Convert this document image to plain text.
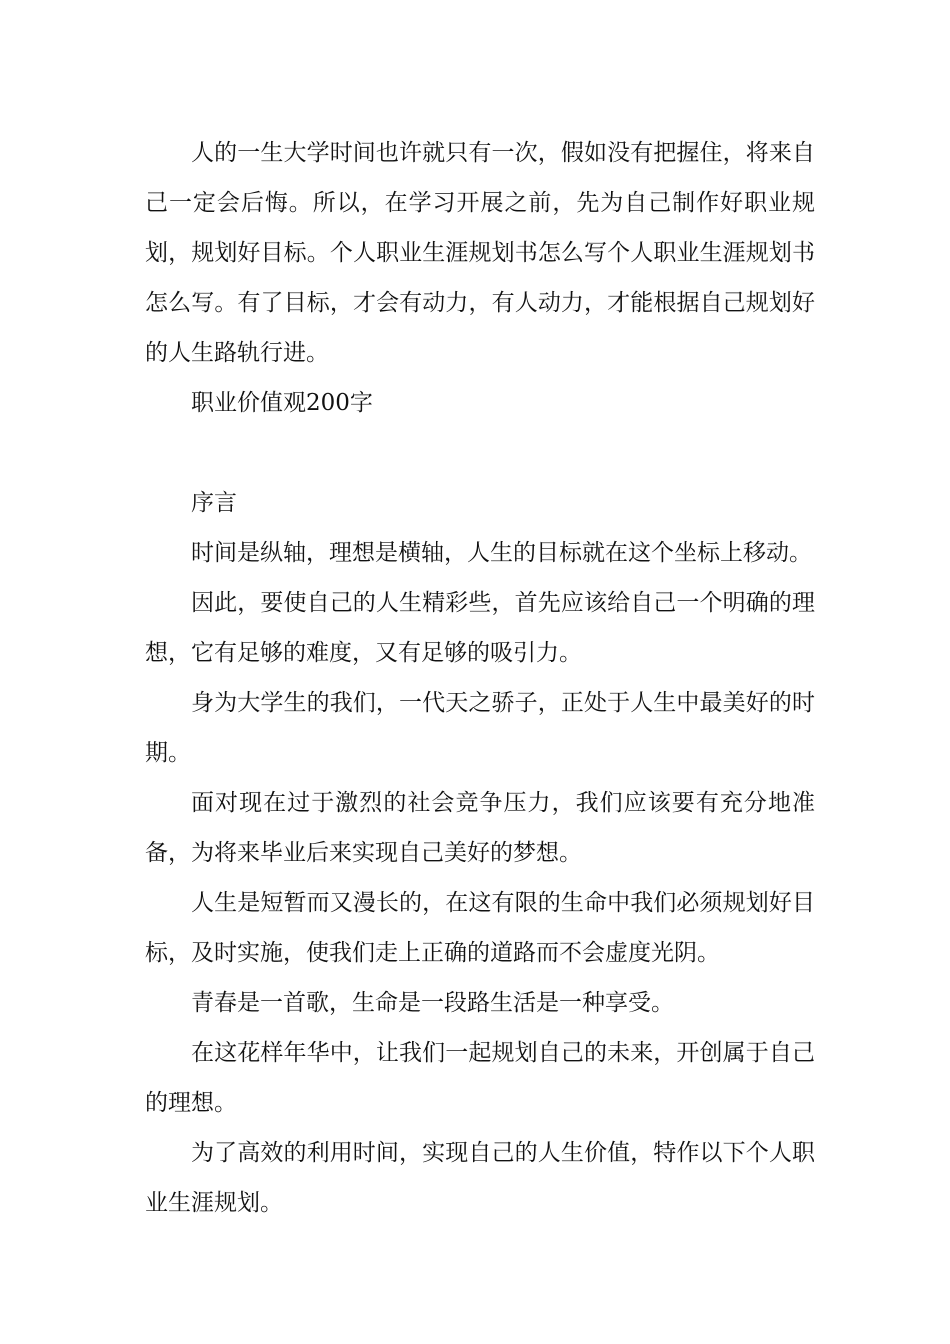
人的一生大学时间也许就只有一次，假如没有把握住，将来自己一定会后悔。所以，在学习开展之前，先为自己制作好职业规划，规划好目标。个人职业生涯规划书怎么写个人职业生涯规划书怎么写。有了目标，才会有动力，有人动力，才能根据自己规划好的人生路轨行进。

职业价值观200字

序言

时间是纵轴，理想是横轴，人生的目标就在这个坐标上移动。

因此，要使自己的人生精彩些，首先应该给自己一个明确的理想，它有足够的难度，又有足够的吸引力。

身为大学生的我们，一代天之骄子，正处于人生中最美好的时期。

面对现在过于激烈的社会竞争压力，我们应该要有充分地准备，为将来毕业后来实现自己美好的梦想。

人生是短暂而又漫长的，在这有限的生命中我们必须规划好目标，及时实施，使我们走上正确的道路而不会虚度光阴。

青春是一首歌，生命是一段路生活是一种享受。

在这花样年华中，让我们一起规划自己的未来，开创属于自己的理想。

为了高效的利用时间，实现自己的人生价值，特作以下个人职业生涯规划。
